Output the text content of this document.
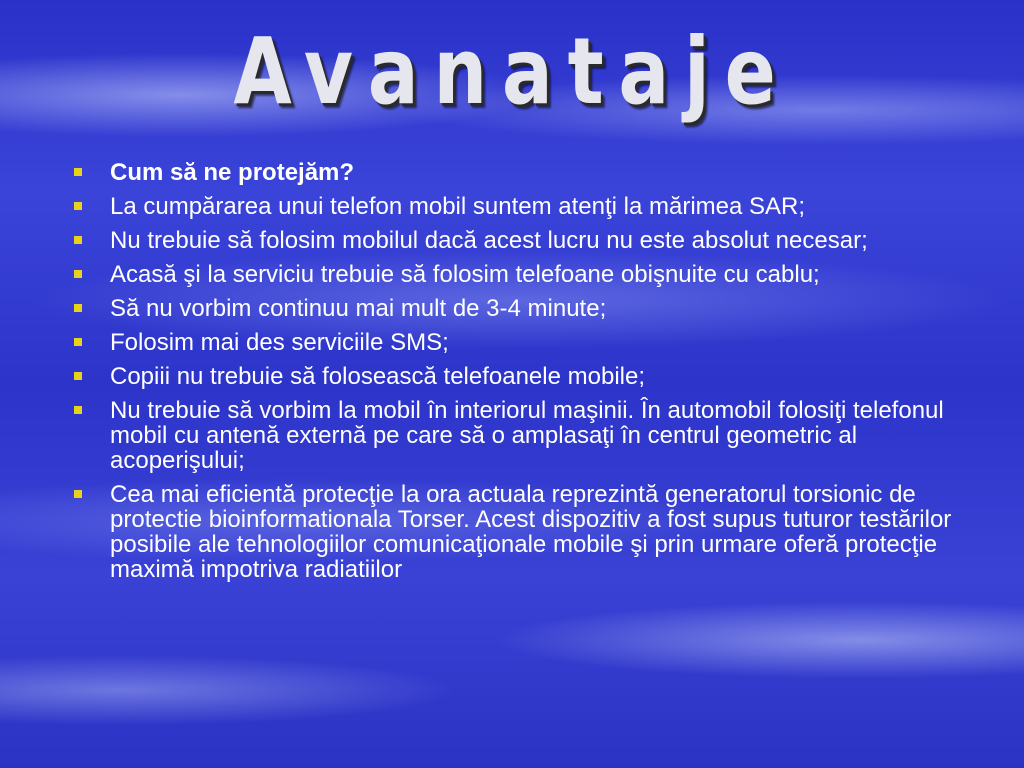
Avanataje
Cum să ne protejăm?
La cumpărarea unui telefon mobil suntem atenţi la mărimea SAR;
Nu trebuie să folosim mobilul dacă acest lucru nu este absolut necesar;
Acasă şi la serviciu trebuie să folosim telefoane obişnuite cu cablu;
Să nu vorbim continuu mai mult de 3-4 minute;
Folosim mai des serviciile SMS;
Copiii nu trebuie să folosească telefoanele mobile;
Nu trebuie să vorbim la mobil în interiorul maşinii. În automobil folosiţi telefonul mobil cu antenă externă pe care să o amplasaţi în centrul geometric al acoperişului;
Cea mai eficientă protecţie la ora actuala reprezintă generatorul torsionic de protectie bioinformationala Torser. Acest dispozitiv a fost supus tuturor testărilor posibile ale tehnologiilor comunicaţionale mobile şi prin urmare oferă protecţie maximă impotriva radiatiilor
